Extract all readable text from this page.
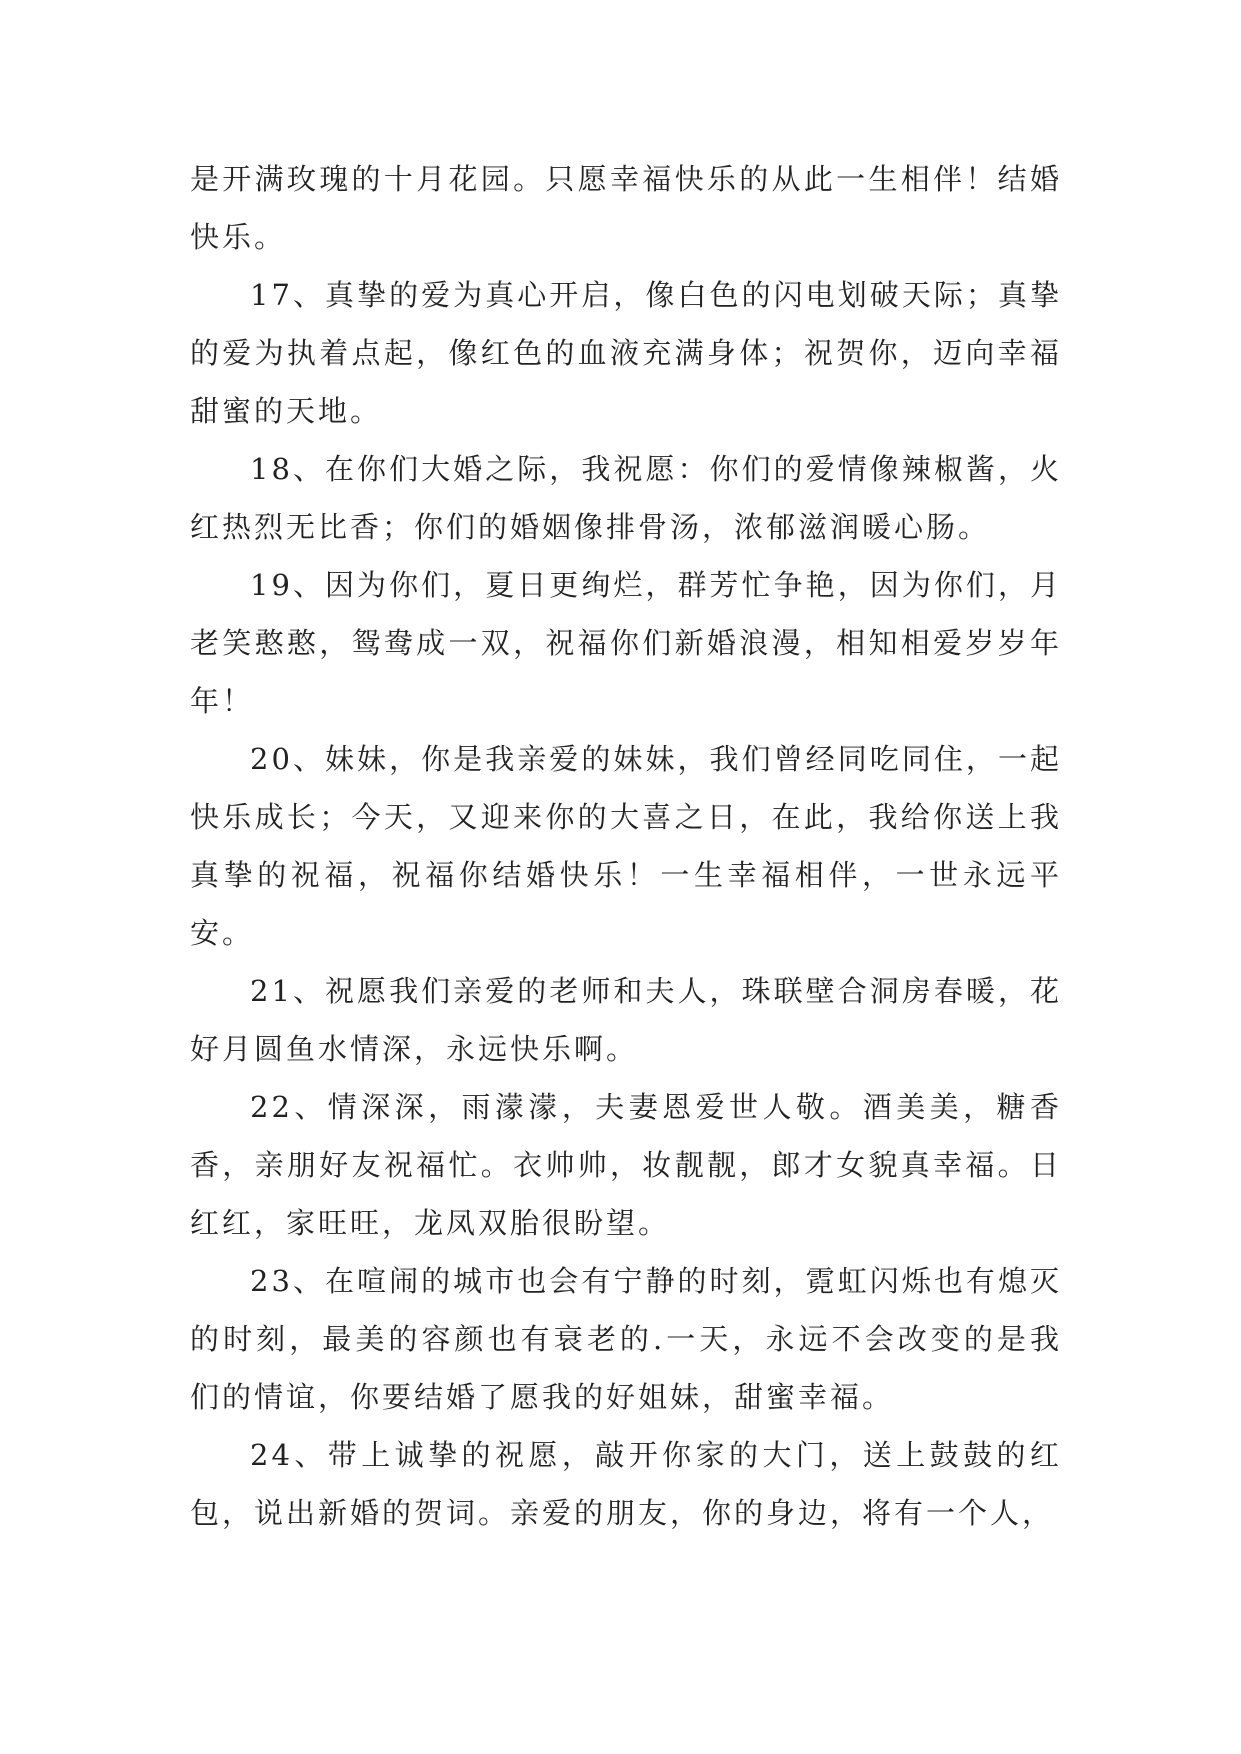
是开满玫瑰的十月花园。只愿幸福快乐的从此一生相伴！结婚快乐。

17、真挚的爱为真心开启，像白色的闪电划破天际；真挚的爱为执着点起，像红色的血液充满身体；祝贺你，迈向幸福甜蜜的天地。

18、在你们大婚之际，我祝愿：你们的爱情像辣椒酱，火红热烈无比香；你们的婚姻像排骨汤，浓郁滋润暖心肠。

19、因为你们，夏日更绚烂，群芳忙争艳，因为你们，月老笑憨憨，鸳鸯成一双，祝福你们新婚浪漫，相知相爱岁岁年年！

20、妹妹，你是我亲爱的妹妹，我们曾经同吃同住，一起快乐成长；今天，又迎来你的大喜之日，在此，我给你送上我真挚的祝福，祝福你结婚快乐！一生幸福相伴，一世永远平安。

21、祝愿我们亲爱的老师和夫人，珠联壁合洞房春暖，花好月圆鱼水情深，永远快乐啊。

22、情深深，雨濛濛，夫妻恩爱世人敬。酒美美，糖香香，亲朋好友祝福忙。衣帅帅，妆靓靓，郎才女貌真幸福。日红红，家旺旺，龙凤双胎很盼望。

23、在喧闹的城市也会有宁静的时刻，霓虹闪烁也有熄灭的时刻，最美的容颜也有衰老的.一天，永远不会改变的是我们的情谊，你要结婚了愿我的好姐妹，甜蜜幸福。

24、带上诚挚的祝愿，敲开你家的大门，送上鼓鼓的红包，说出新婚的贺词。亲爱的朋友，你的身边，将有一个人，
